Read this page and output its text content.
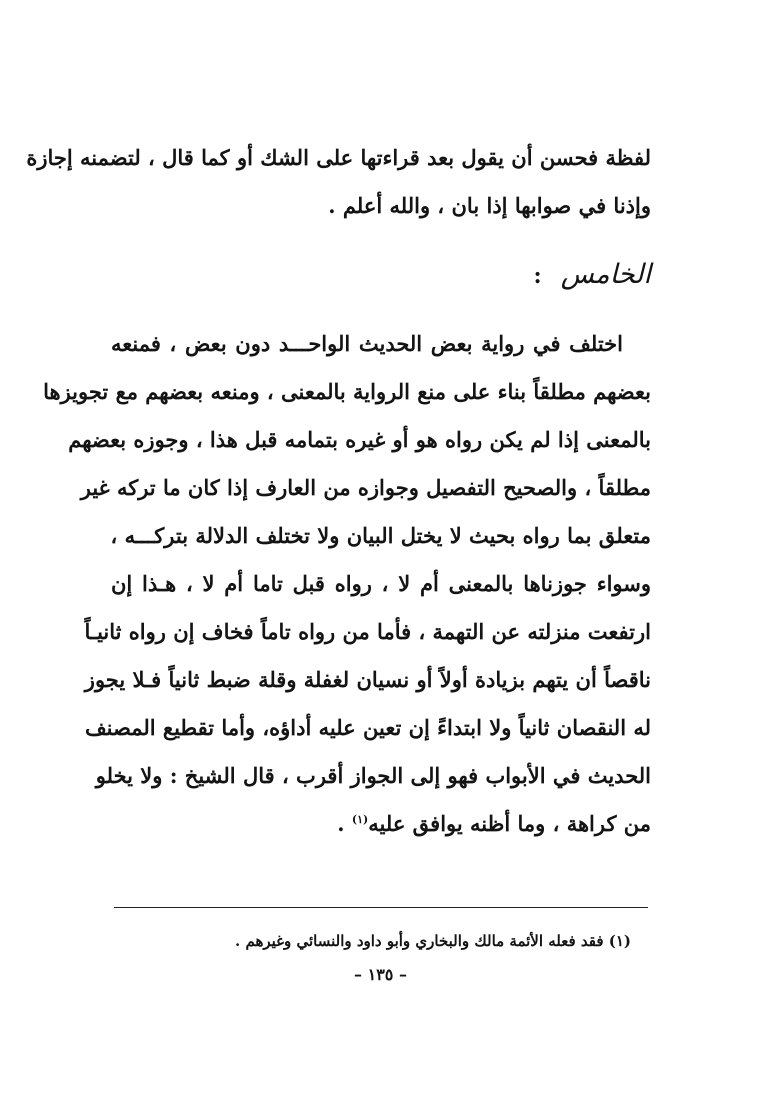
لفظة فحسن أن يقول بعد قراءتها على الشك أو كما قال ، لتضمنه إجازة
وإذنا في صوابها إذا بان ، والله أعلم .
الخامس :
اختلف في رواية بعض الحديث الواحـــد دون بعض ، فمنعه
بعضهم مطلقاً بناء على منع الرواية بالمعنى ، ومنعه بعضهم مع تجويزها
بالمعنى إذا لم يكن رواه هو أو غيره بتمامه قبل هذا ، وجوزه بعضهم
مطلقاً ، والصحيح التفصيل وجوازه من العارف إذا كان ما تركه غير
متعلق بما رواه بحيث لا يختل البيان ولا تختلف الدلالة بتركـــه ،
وسواء جوزناها بالمعنى أم لا ، رواه قبل تاما أم لا ، هـذا إن
ارتفعت منزلته عن التهمة ، فأما من رواه تاماً فخاف إن رواه ثانيـاً
ناقصاً أن يتهم بزيادة أولاً أو نسيان لغفلة وقلة ضبط ثانياً فـلا يجوز
له النقصان ثانياً ولا ابتداءً إن تعين عليه أداؤه، وأما تقطيع المصنف
الحديث في الأبواب فهو إلى الجواز أقرب ، قال الشيخ : ولا يخلو
من كراهة ، وما أظنه يوافق عليه$^{(١)}$ .
(١) فقد فعله الأئمة مالك والبخاري وأبو داود والنسائي وغيرهم .
– ١٣٥ –
